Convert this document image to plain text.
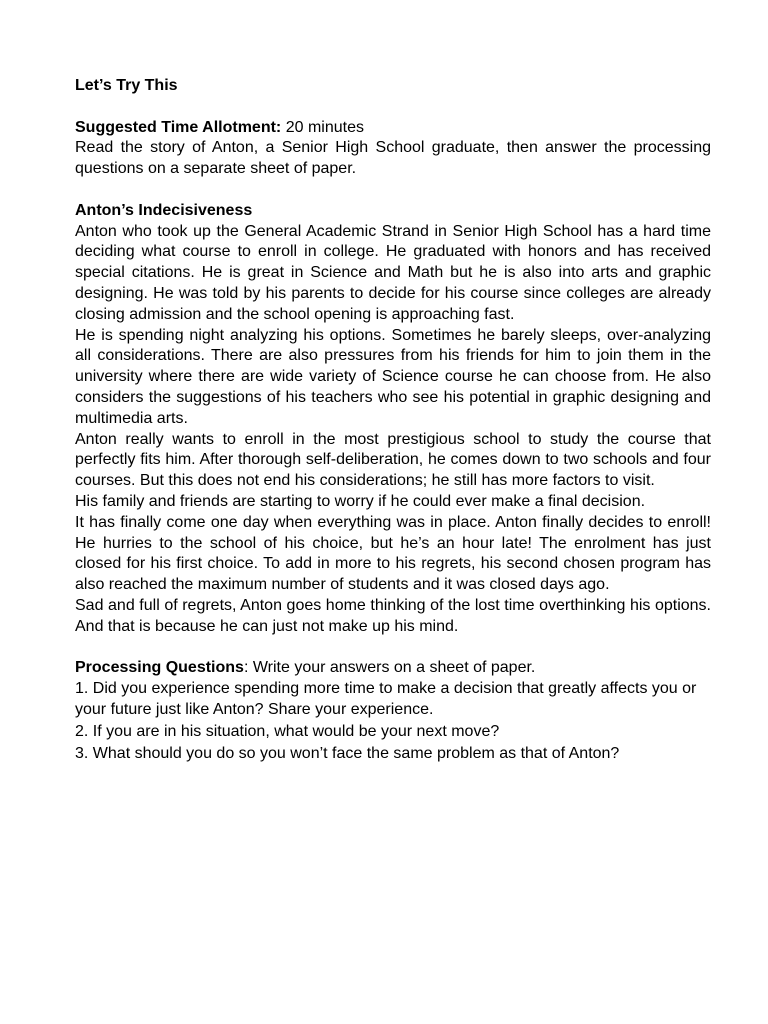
Let’s Try This

Suggested Time Allotment: 20 minutes

Read the story of Anton, a Senior High School graduate, then answer the processing questions on a separate sheet of paper.

Anton’s Indecisiveness

Anton who took up the General Academic Strand in Senior High School has a hard time deciding what course to enroll in college. He graduated with honors and has received special citations. He is great in Science and Math but he is also into arts and graphic designing. He was told by his parents to decide for his course since colleges are already closing admission and the school opening is approaching fast.

He is spending night analyzing his options. Sometimes he barely sleeps, over-analyzing all considerations. There are also pressures from his friends for him to join them in the university where there are wide variety of Science course he can choose from. He also considers the suggestions of his teachers who see his potential in graphic designing and multimedia arts.

Anton really wants to enroll in the most prestigious school to study the course that perfectly fits him. After thorough self-deliberation, he comes down to two schools and four courses. But this does not end his considerations; he still has more factors to visit.

His family and friends are starting to worry if he could ever make a final decision.

It has finally come one day when everything was in place. Anton finally decides to enroll! He hurries to the school of his choice, but he’s an hour late! The enrolment has just closed for his first choice. To add in more to his regrets, his second chosen program has also reached the maximum number of students and it was closed days ago.

Sad and full of regrets, Anton goes home thinking of the lost time overthinking his options. And that is because he can just not make up his mind.

Processing Questions: Write your answers on a sheet of paper.

1. Did you experience spending more time to make a decision that greatly affects you or your future just like Anton? Share your experience.

2. If you are in his situation, what would be your next move?

3. What should you do so you won’t face the same problem as that of Anton?
